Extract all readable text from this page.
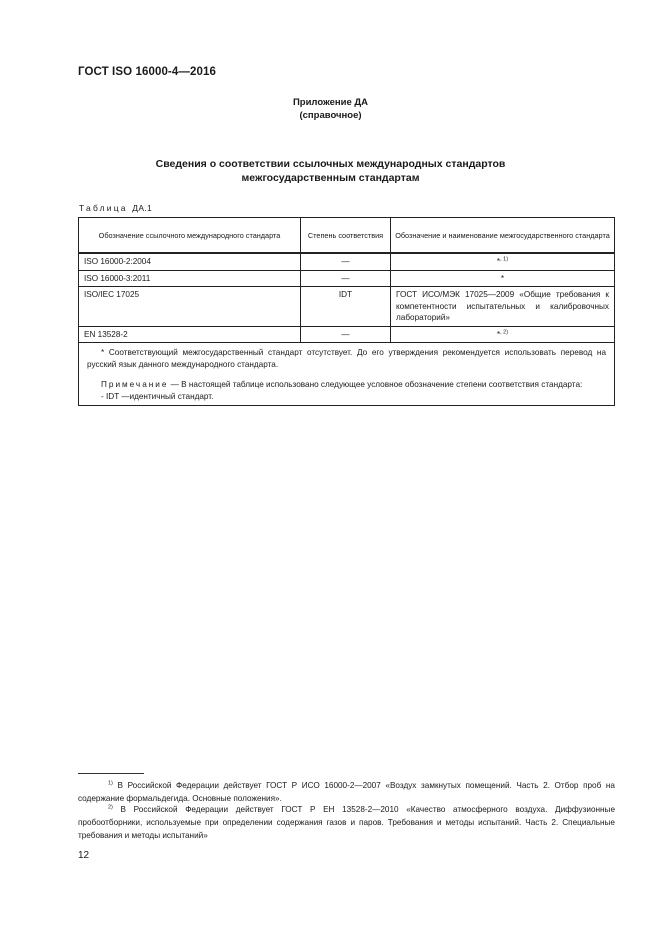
ГОСТ ISO 16000-4—2016
Приложение ДА
(справочное)
Сведения о соответствии ссылочных международных стандартов
межгосударственным стандартам
Таблица ДА.1
Обозначение ссылочного международного стандарта	Степень соответствия	Обозначение и наименование межгосударственного стандарта
ISO 16000-2:2004	—	*$^{, 1)}$
ISO 16000-3:2011	—	*
ISO/IEC 17025	IDT	ГОСТ ИСО/МЭК 17025—2009 «Общие требования к компетентности испытательных и калибровочных лабораторий»
EN 13528-2	—	*$^{, 2)}$

* Соответствующий межгосударственный стандарт отсутствует. До его утверждения рекомендуется использовать перевод на русский язык данного международного стандарта.
Примечание — В настоящей таблице использовано следующее условное обозначение степени соответствия стандарта:
- IDT —идентичный стандарт.		
$^{1)}$ В Российской Федерации действует ГОСТ Р ИСО 16000-2—2007 «Воздух замкнутых помещений. Часть 2. Отбор проб на содержание формальдегида. Основные положения».
$^{2)}$ В Российской Федерации действует ГОСТ Р ЕН 13528-2—2010 «Качество атмосферного воздуха. Диффузионные пробоотборники, используемые при определении содержания газов и паров. Требования и методы испытаний. Часть 2. Специальные требования и методы испытаний»
12
